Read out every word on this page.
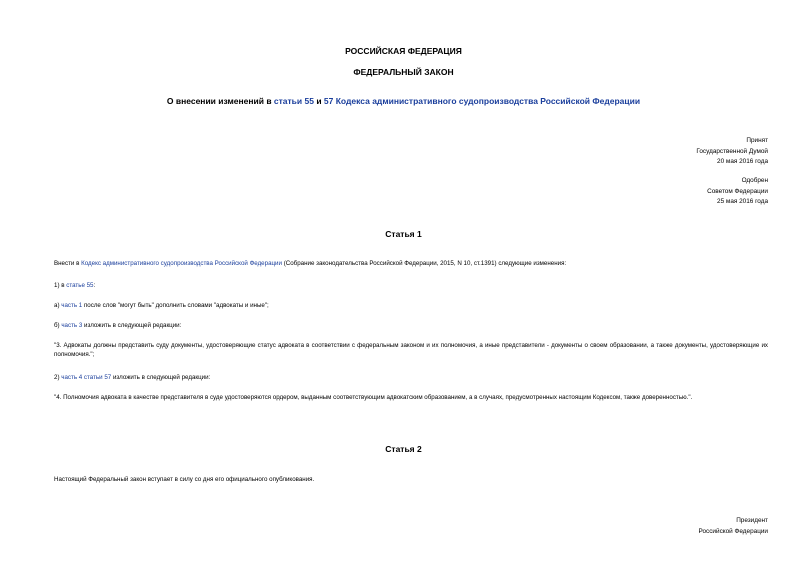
РОССИЙСКАЯ ФЕДЕРАЦИЯ
ФЕДЕРАЛЬНЫЙ ЗАКОН
О внесении изменений в статьи 55 и 57 Кодекса административного судопроизводства Российской Федерации
Принят
Государственной Думой
20 мая 2016 года
Одобрен
Советом Федерации
25 мая 2016 года
Статья 1
Внести в Кодекс административного судопроизводства Российской Федерации (Собрание законодательства Российской Федерации, 2015, N 10, ст.1391) следующие изменения:
1) в статье 55:
а) часть 1 после слов "могут быть" дополнить словами "адвокаты и иные";
б) часть 3 изложить в следующей редакции:
"3. Адвокаты должны представить суду документы, удостоверяющие статус адвоката в соответствии с федеральным законом и их полномочия, а иные представители - документы о своем образовании, а также документы, удостоверяющие их полномочия.";
2) часть 4 статьи 57 изложить в следующей редакции:
"4. Полномочия адвоката в качестве представителя в суде удостоверяются ордером, выданным соответствующим адвокатским образованием, а в случаях, предусмотренных настоящим Кодексом, также доверенностью.".
Статья 2
Настоящий Федеральный закон вступает в силу со дня его официального опубликования.
Президент
Российской Федерации
